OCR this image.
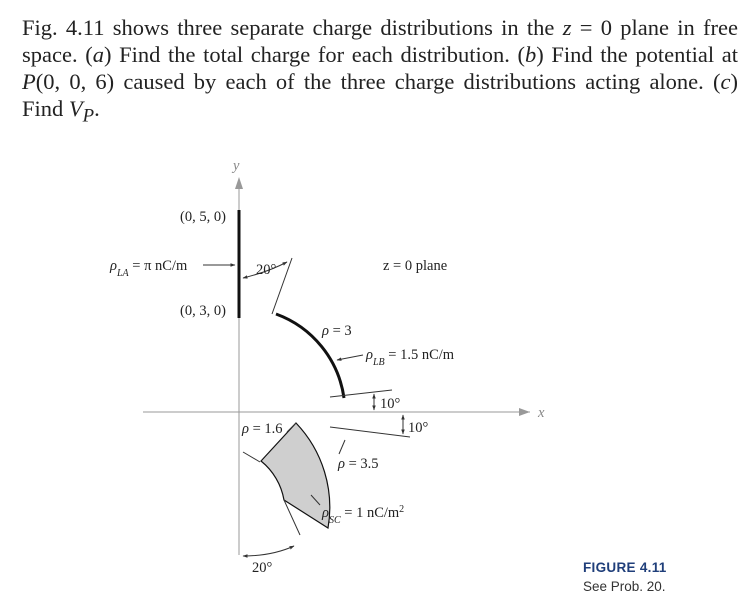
Fig. 4.11 shows three separate charge distributions in the z = 0 plane in free space. (a) Find the total charge for each distribution. (b) Find the potential at P(0, 0, 6) caused by each of the three charge distributions acting alone. (c) Find $V_P$.

x
y
(0, 5, 0)
(0, 3, 0)
$\rho_{LA} = \pi$ nC/m	20°	z = 0 plane
ρ = 3
$\rho_{LB} = 1.5$ nC/m
10°
10°
ρ = 1.6
ρ = 3.5
$\rho_{SC} = 1$ $nC/m^2$
20°	FIGURE 4.11
See Prob. 20.
